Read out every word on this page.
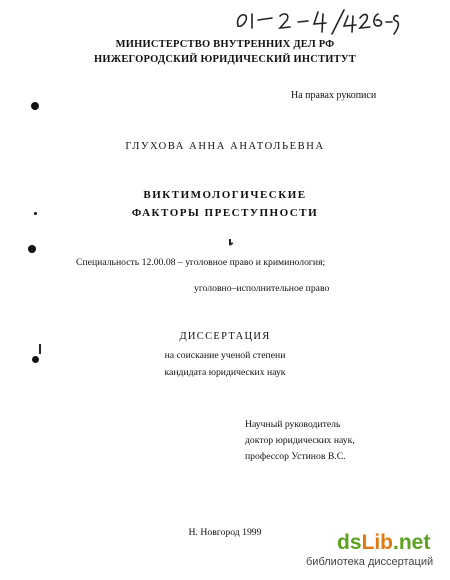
МИНИСТЕРСТВО ВНУТРЕННИХ ДЕЛ РФ
НИЖЕГОРОДСКИЙ ЮРИДИЧЕСКИЙ ИНСТИТУТ
На правах рукописи
ГЛУХОВА АННА АНАТОЛЬЕВНА
ВИКТИМОЛОГИЧЕСКИЕ
ФАКТОРЫ ПРЕСТУПНОСТИ
Специальность 12.00.08 – уголовное право и криминология;
уголовно–исполнительное право
ДИССЕРТАЦИЯ
на соискание ученой степени
кандидата юридических наук
Научный руководитель
доктор юридических наук,
профессор Устинов В.С.
Н. Новгород 1999	dsLib.net
библиотека диссертаций
